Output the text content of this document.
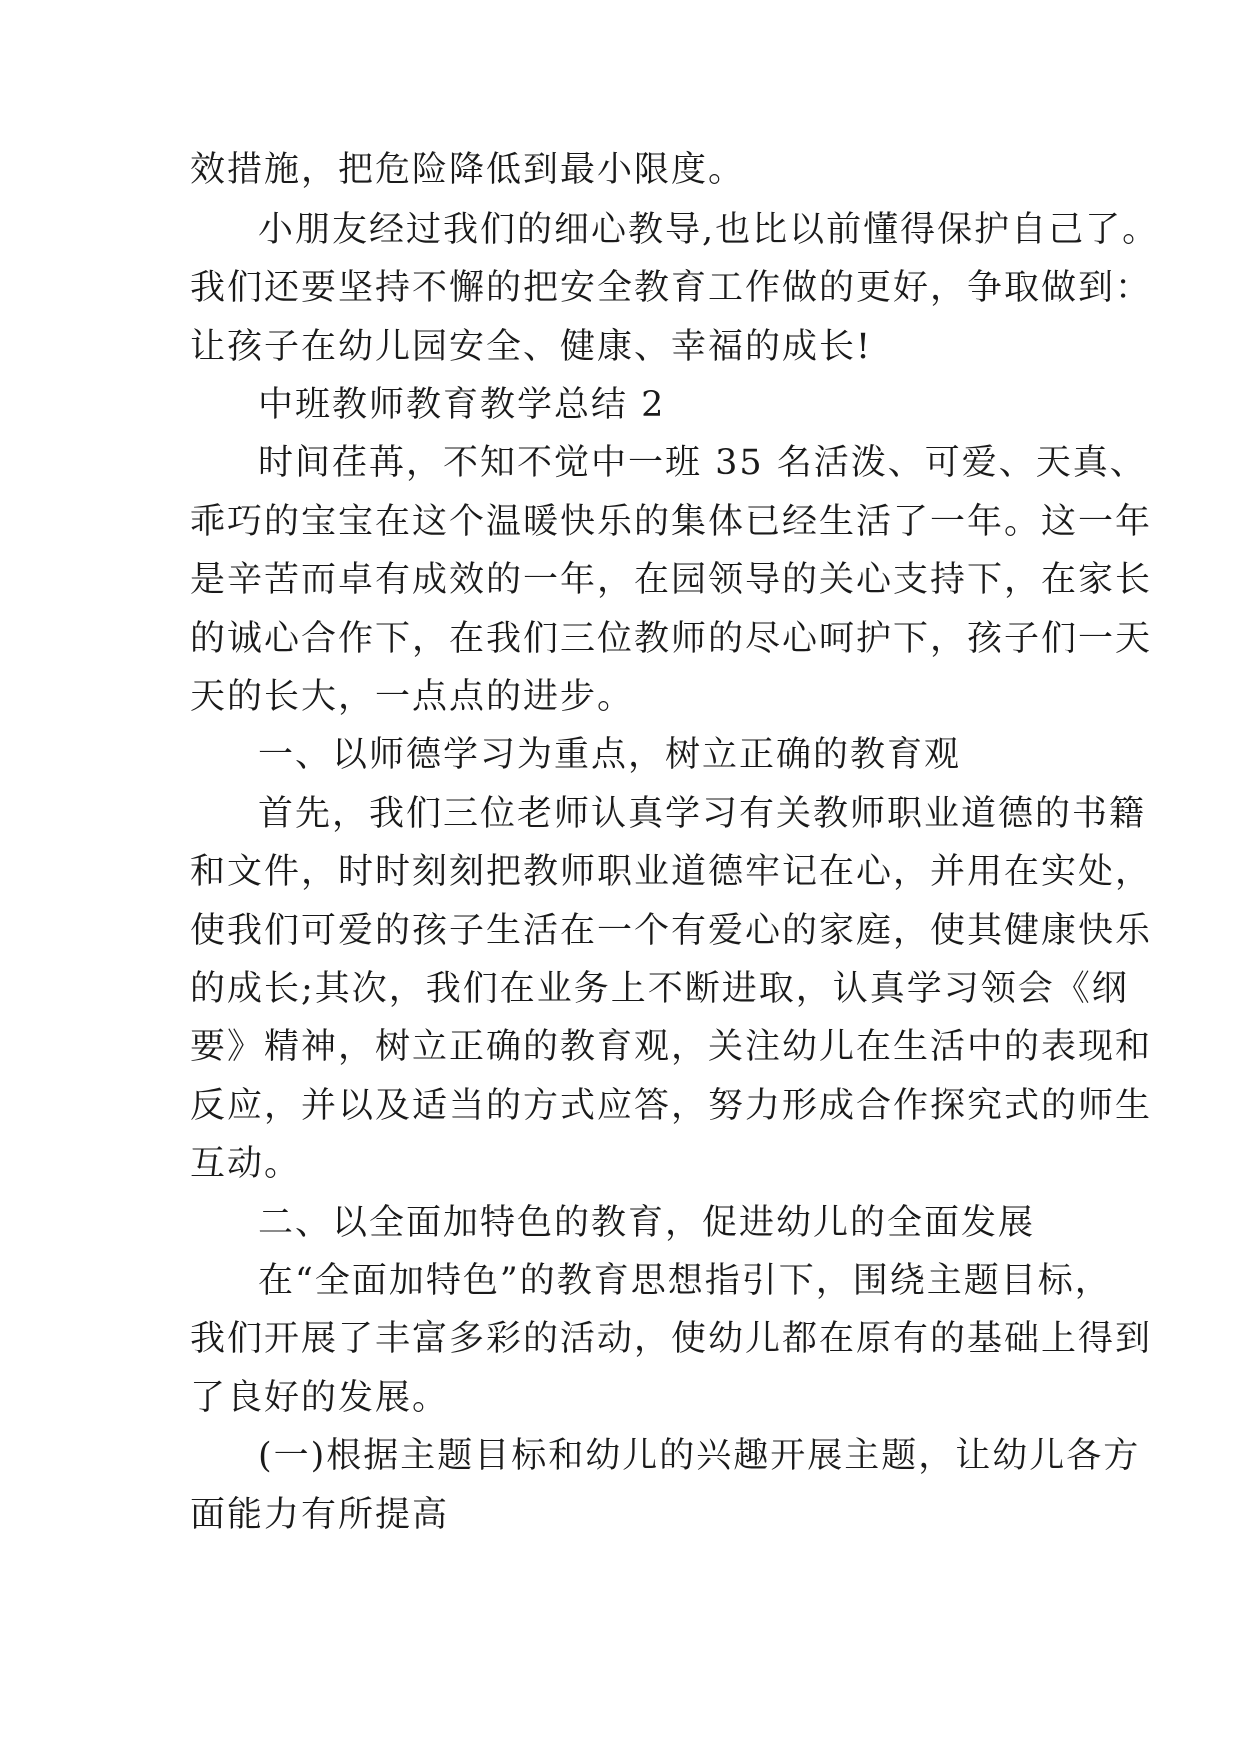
效措施，把危险降低到最小限度。
小朋友经过我们的细心教导,也比以前懂得保护自己了。
我们还要坚持不懈的把安全教育工作做的更好，争取做到：
让孩子在幼儿园安全、健康、幸福的成长!
中班教师教育教学总结 2
时间荏苒，不知不觉中一班 35 名活泼、可爱、天真、
乖巧的宝宝在这个温暖快乐的集体已经生活了一年。这一年
是辛苦而卓有成效的一年，在园领导的关心支持下，在家长
的诚心合作下，在我们三位教师的尽心呵护下，孩子们一天
天的长大，一点点的进步。
一、以师德学习为重点，树立正确的教育观
首先，我们三位老师认真学习有关教师职业道德的书籍
和文件，时时刻刻把教师职业道德牢记在心，并用在实处，
使我们可爱的孩子生活在一个有爱心的家庭，使其健康快乐
的成长;其次，我们在业务上不断进取，认真学习领会《纲
要》精神，树立正确的教育观，关注幼儿在生活中的表现和
反应，并以及适当的方式应答，努力形成合作探究式的师生
互动。
二、以全面加特色的教育，促进幼儿的全面发展
在“全面加特色”的教育思想指引下，围绕主题目标，
我们开展了丰富多彩的活动，使幼儿都在原有的基础上得到
了良好的发展。
(一)根据主题目标和幼儿的兴趣开展主题，让幼儿各方
面能力有所提高
